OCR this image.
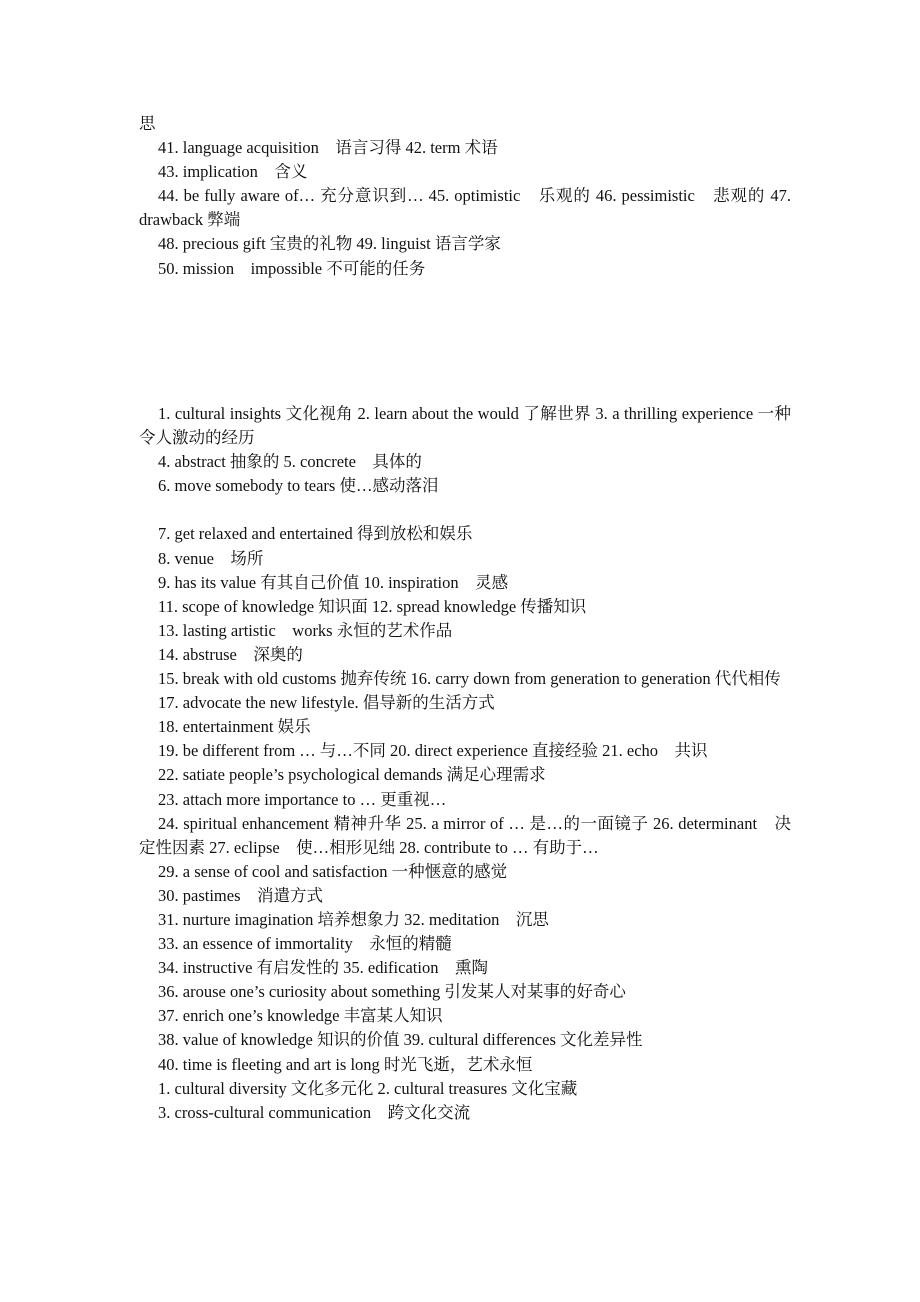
思

41. language acquisition　语言习得 42. term 术语

43. implication　含义

44. be fully aware of… 充分意识到… 45. optimistic　乐观的 46. pessimistic　悲观的 47. drawback 弊端

48. precious gift 宝贵的礼物 49. linguist 语言学家

50. mission　impossible 不可能的任务

1. cultural insights 文化视角 2. learn about the would 了解世界 3. a thrilling experience 一种令人激动的经历

4. abstract 抽象的 5. concrete　具体的

6. move somebody to tears 使…感动落泪

7. get relaxed and entertained 得到放松和娱乐

8. venue　场所

9. has its value 有其自己价值 10. inspiration　灵感

11. scope of knowledge 知识面 12. spread knowledge 传播知识

13. lasting artistic　works 永恒的艺术作品

14. abstruse　深奥的

15. break with old customs 抛弃传统 16. carry down from generation to generation 代代相传

17. advocate the new lifestyle. 倡导新的生活方式

18. entertainment 娱乐

19. be different from … 与…不同 20. direct experience 直接经验 21. echo　共识

22. satiate people’s psychological demands 满足心理需求

23. attach more importance to … 更重视…

24. spiritual enhancement 精神升华 25. a mirror of … 是…的一面镜子 26. determinant　决定性因素 27. eclipse　使…相形见绌 28. contribute to … 有助于…

29. a sense of cool and satisfaction 一种惬意的感觉

30. pastimes　消遣方式

31. nurture imagination 培养想象力 32. meditation　沉思

33. an essence of immortality　永恒的精髓

34. instructive 有启发性的 35. edification　熏陶

36. arouse one’s curiosity about something 引发某人对某事的好奇心

37. enrich one’s knowledge 丰富某人知识

38. value of knowledge 知识的价值 39. cultural differences 文化差异性

40. time is fleeting and art is long 时光飞逝，艺术永恒

1. cultural diversity 文化多元化 2. cultural treasures 文化宝藏

3. cross-cultural communication　跨文化交流
